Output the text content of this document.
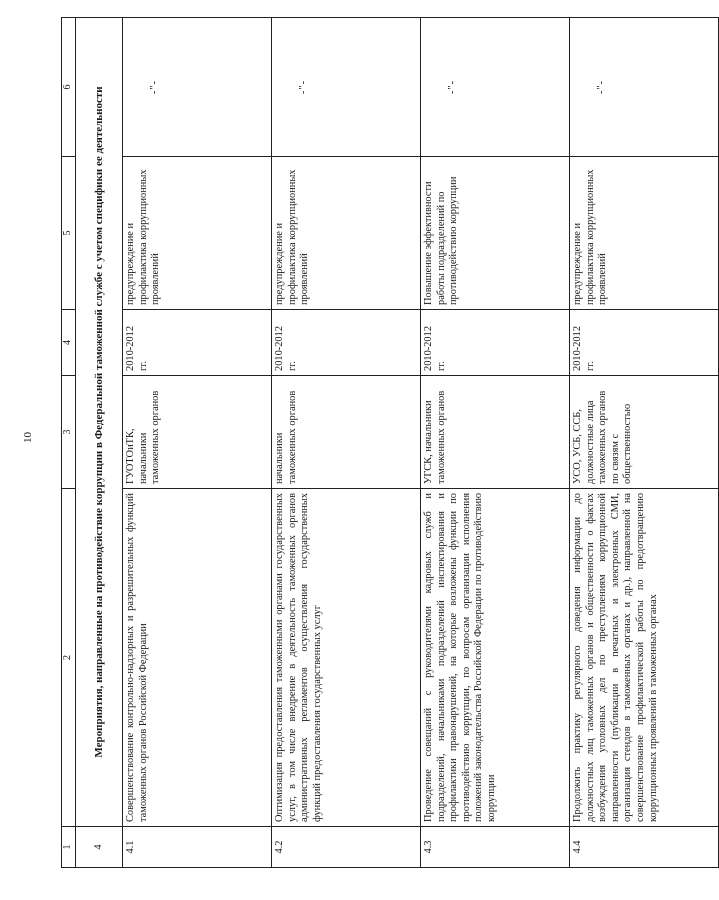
10
1	2	3	4	5	6
4	Мероприятия, направленные на противодействие коррупции в Федеральной таможенной службе с учетом специфики ее деятельности				
4.1	Совершенствование контрольно-надзорных и разрешительных функций таможенных органов Российской Федерации	ГУОТОиТК, начальники таможенных органов	2010-2012 гг.	предупреждение и профилактика коррупционных проявлений	-"-
4.2	Оптимизация предоставления таможенными органами государственных услуг, в том числе внедрение в деятельность таможенных органов административных регламентов осуществления государственных функций предоставления государственных услуг	начальники таможенных органов	2010-2012 гг.	предупреждение и профилактика коррупционных проявлений	-"-
4.3	Проведение совещаний с руководителями кадровых служб и подразделений, начальниками подразделений инспектирования и профилактики правонарушений, на которые возложены функции по противодействию коррупции, по вопросам организации исполнения положений законодательства Российской Федерации по противодействию коррупции	УГСК, начальники таможенных органов	2010-2012 гг.	Повышение эффективности работы подразделений по противодействию коррупции	-"-
4.4	Продолжить практику регулярного доведения информации до должностных лиц таможенных органов и общественности о фактах возбуждения уголовных дел по преступлениям коррупционной направленности (публикации в печатных и электронных СМИ, организация стендов в таможенных органах и др.), направленной на совершенствование профилактической работы по предотвращению коррупционных проявлений в таможенных органах	УСО, УСБ, ССБ, должностные лица таможенных органов по связям с общественностью	2010-2012 гг.	предупреждение и профилактика коррупционных проявлений	-"-
